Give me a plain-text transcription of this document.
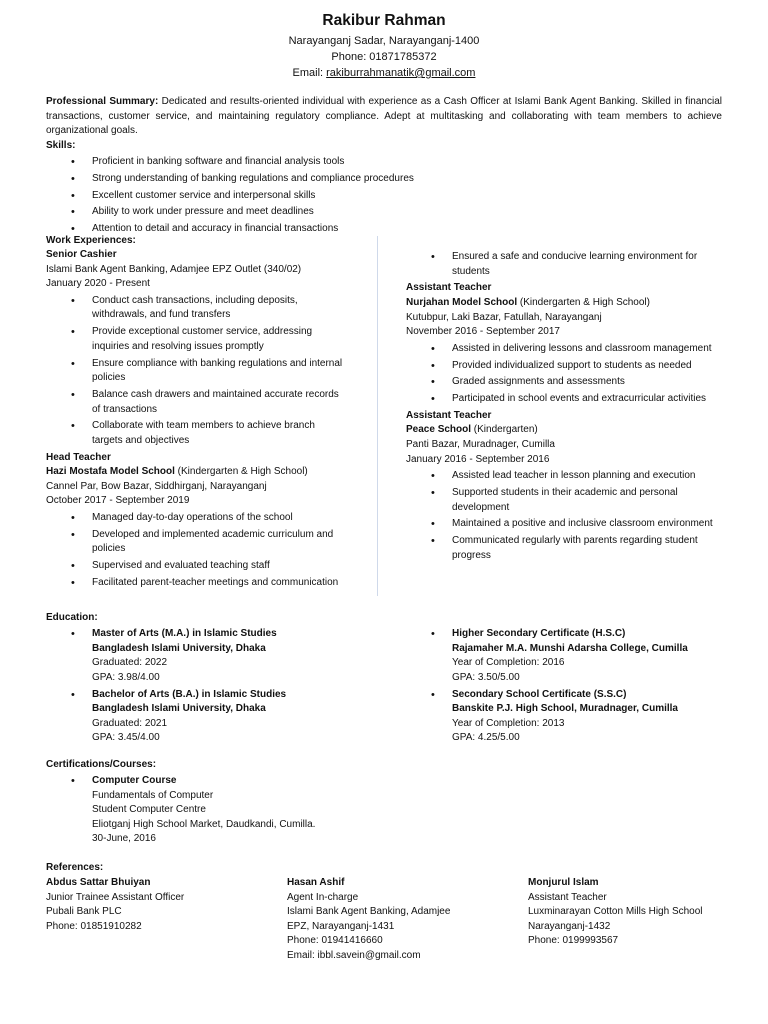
Rakibur Rahman
Narayanganj Sadar, Narayanganj-1400
Phone: 01871785372
Email: rakiburrahmanatik@gmail.com
Professional Summary: Dedicated and results-oriented individual with experience as a Cash Officer at Islami Bank Agent Banking. Skilled in financial transactions, customer service, and maintaining regulatory compliance. Adept at multitasking and collaborating with team members to achieve organizational goals.
Skills:
• Proficient in banking software and financial analysis tools
• Strong understanding of banking regulations and compliance procedures
• Excellent customer service and interpersonal skills
• Ability to work under pressure and meet deadlines
• Attention to detail and accuracy in financial transactions
Work Experiences:
Senior Cashier
Islami Bank Agent Banking, Adamjee EPZ Outlet (340/02)
January 2020 - Present
• Conduct cash transactions, including deposits, withdrawals, and fund transfers
• Provide exceptional customer service, addressing inquiries and resolving issues promptly
• Ensure compliance with banking regulations and internal policies
• Balance cash drawers and maintained accurate records of transactions
• Collaborate with team members to achieve branch targets and objectives
Head Teacher
Hazi Mostafa Model School (Kindergarten & High School)
Cannel Par, Bow Bazar, Siddhirganj, Narayanganj
October 2017 - September 2019
• Managed day-to-day operations of the school
• Developed and implemented academic curriculum and policies
• Supervised and evaluated teaching staff
• Facilitated parent-teacher meetings and communication
• Ensured a safe and conducive learning environment for students
Assistant Teacher
Nurjahan Model School (Kindergarten & High School)
Kutubpur, Laki Bazar, Fatullah, Narayanganj
November 2016 - September 2017
• Assisted in delivering lessons and classroom management
• Provided individualized support to students as needed
• Graded assignments and assessments
• Participated in school events and extracurricular activities
Assistant Teacher
Peace School (Kindergarten)
Panti Bazar, Muradnager, Cumilla
January 2016 - September 2016
• Assisted lead teacher in lesson planning and execution
• Supported students in their academic and personal development
• Maintained a positive and inclusive classroom environment
• Communicated regularly with parents regarding student progress
Education:
• Master of Arts (M.A.) in Islamic Studies
Bangladesh Islami University, Dhaka
Graduated: 2022
GPA: 3.98/4.00
• Bachelor of Arts (B.A.) in Islamic Studies
Bangladesh Islami University, Dhaka
Graduated: 2021
GPA: 3.45/4.00
• Higher Secondary Certificate (H.S.C)
Rajamaher M.A. Munshi Adarsha College, Cumilla
Year of Completion: 2016
GPA: 3.50/5.00
• Secondary School Certificate (S.S.C)
Banskite P.J. High School, Muradnager, Cumilla
Year of Completion: 2013
GPA: 4.25/5.00
Certifications/Courses:
• Computer Course
Fundamentals of Computer
Student Computer Centre
Eliotganj High School Market, Daudkandi, Cumilla.
30-June, 2016
References:
Abdus Sattar Bhuiyan
Junior Trainee Assistant Officer
Pubali Bank PLC
Phone: 01851910282
Hasan Ashif
Agent In-charge
Islami Bank Agent Banking, Adamjee
EPZ, Narayanganj-1431
Phone: 01941416660
Email: ibbl.savein@gmail.com
Monjurul Islam
Assistant Teacher
Luxminarayan Cotton Mills High School
Narayanganj-1432
Phone: 0199993567
